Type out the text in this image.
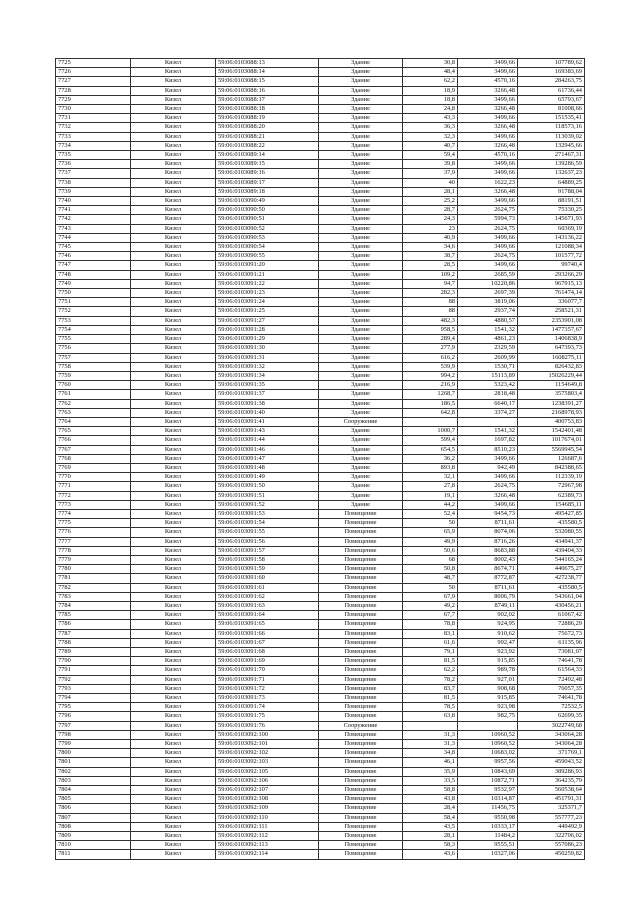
7725	Кизел	59:06:0103088:13	Здание	30,8	3499,66	107789,62
7726	Кизел	59:06:0103088:14	Здание	48,4	3499,66	169383,69
7727	Кизел	59:06:0103088:15	Здание	62,2	4570,16	284263,75
7728	Кизел	59:06:0103088:16	Здание	18,9	3266,48	61736,44
7729	Кизел	59:06:0103088:17	Здание	18,8	3499,66	65793,67
7730	Кизел	59:06:0103088:18	Здание	24,8	3266,48	81008,66
7731	Кизел	59:06:0103088:19	Здание	43,3	3499,66	151535,41
7732	Кизел	59:06:0103088:20	Здание	36,3	3266,48	118573,16
7733	Кизел	59:06:0103088:21	Здание	32,3	3499,66	113039,02
7734	Кизел	59:06:0103088:22	Здание	40,7	3266,48	132945,66
7735	Кизел	59:06:0103089:14	Здание	59,4	4570,16	271467,31
7736	Кизел	59:06:0103089:15	Здание	39,8	3499,66	139286,59
7737	Кизел	59:06:0103089:16	Здание	37,9	3499,66	132637,23
7738	Кизел	59:06:0103089:17	Здание	40	1622,23	64889,25
7739	Кизел	59:06:0103089:18	Здание	28,1	3266,48	91788,04
7740	Кизел	59:06:0103090:49	Здание	25,2	3499,66	88191,51
7741	Кизел	59:06:0103090:50	Здание	28,7	2624,75	75330,25
7742	Кизел	59:06:0103090:51	Здание	24,3	5994,73	145671,93
7743	Кизел	59:06:0103090:52	Здание	23	2624,75	60369,19
7744	Кизел	59:06:0103090:53	Здание	40,9	3499,66	143136,22
7745	Кизел	59:06:0103090:54	Здание	34,6	3499,66	121088,34
7746	Кизел	59:06:0103090:55	Здание	38,7	2624,75	101577,72
7747	Кизел	59:06:0103091:20	Здание	28,5	3499,66	99740,4
7748	Кизел	59:06:0103091:21	Здание	109,2	2685,59	293266,29
7749	Кизел	59:06:0103091:22	Здание	94,7	10220,86	967915,13
7750	Кизел	59:06:0103091:23	Здание	282,3	2697,39	761474,14
7751	Кизел	59:06:0103091:24	Здание	88	3819,06	336077,7
7752	Кизел	59:06:0103091:25	Здание	88	2937,74	258521,31
7753	Кизел	59:06:0103091:27	Здание	482,3	4880,57	2353901,08
7754	Кизел	59:06:0103091:28	Здание	958,5	1541,32	1477357,67
7755	Кизел	59:06:0103091:29	Здание	289,4	4861,23	1406838,9
7756	Кизел	59:06:0103091:30	Здание	277,9	2329,59	647393,73
7757	Кизел	59:06:0103091:31	Здание	616,2	2609,99	1608275,11
7758	Кизел	59:06:0103091:32	Здание	539,9	1530,71	826432,83
7759	Кизел	59:06:0103091:34	Здание	994,2	15113,89	15026229,44
7760	Кизел	59:06:0103091:35	Здание	216,9	5323,42	1154649,8
7761	Кизел	59:06:0103091:37	Здание	1268,7	2818,48	3575803,4
7762	Кизел	59:06:0103091:38	Здание	186,5	6640,17	1238391,27
7763	Кизел	59:06:0103091:40	Здание	642,8	3374,27	2168978,93
7764	Кизел	59:06:0103091:41	Сооружение			400753,83
7765	Кизел	59:06:0103091:43	Здание	1000,7	1541,32	1542401,48
7766	Кизел	59:06:0103091:44	Здание	599,4	1697,82	1017674,01
7767	Кизел	59:06:0103091:46	Здание	654,5	8510,23	5569945,54
7768	Кизел	59:06:0103091:47	Здание	36,2	3499,66	126687,6
7769	Кизел	59:06:0103091:48	Здание	893,8	942,49	842388,65
7770	Кизел	59:06:0103091:49	Здание	32,1	3499,66	112339,19
7771	Кизел	59:06:0103091:50	Здание	27,8	2624,75	72967,98
7772	Кизел	59:06:0103091:51	Здание	19,1	3266,48	62389,73
7773	Кизел	59:06:0103091:52	Здание	44,2	3499,66	154685,11
7774	Кизел	59:06:0103091:53	Помещение	52,4	9454,73	495427,85
7775	Кизел	59:06:0103091:54	Помещение	50	8711,61	435580,5
7776	Кизел	59:06:0103091:55	Помещение	65,9	8074,06	532080,55
7777	Кизел	59:06:0103091:56	Помещение	49,9	8716,26	434941,37
7778	Кизел	59:06:0103091:57	Помещение	50,6	8683,88	439404,33
7779	Кизел	59:06:0103091:58	Помещение	68	8002,43	544165,24
7780	Кизел	59:06:0103091:59	Помещение	50,8	8674,71	440675,27
7781	Кизел	59:06:0103091:60	Помещение	48,7	8772,87	427238,77
7782	Кизел	59:06:0103091:61	Помещение	50	8711,61	435580,5
7783	Кизел	59:06:0103091:62	Помещение	67,9	8006,79	543661,04
7784	Кизел	59:06:0103091:63	Помещение	49,2	8749,11	430456,21
7785	Кизел	59:06:0103091:64	Помещение	67,7	902,02	61067,42
7786	Кизел	59:06:0103091:65	Помещение	78,8	924,95	72886,29
7787	Кизел	59:06:0103091:66	Помещение	83,1	910,62	75672,73
7788	Кизел	59:06:0103091:67	Помещение	61,6	992,47	61135,96
7789	Кизел	59:06:0103091:68	Помещение	79,1	923,92	73081,07
7790	Кизел	59:06:0103091:69	Помещение	81,5	915,85	74641,78
7791	Кизел	59:06:0103091:70	Помещение	62,2	989,78	61564,33
7792	Кизел	59:06:0103091:71	Помещение	78,2	927,01	72492,48
7793	Кизел	59:06:0103091:72	Помещение	83,7	908,68	76057,35
7794	Кизел	59:06:0103091:73	Помещение	81,5	915,85	74641,78
7795	Кизел	59:06:0103091:74	Помещение	78,5	923,98	72532,5
7796	Кизел	59:06:0103091:75	Помещение	63,8	982,75	62699,35
7797	Кизел	59:06:0103091:76	Сооружение			3022749,68
7798	Кизел	59:06:0103092:100	Помещение	31,3	10960,52	343064,28
7799	Кизел	59:06:0103092:101	Помещение	31,3	10960,52	343064,28
7800	Кизел	59:06:0103092:102	Помещение	34,8	10683,02	371769,1
7801	Кизел	59:06:0103092:103	Помещение	46,1	9957,56	459043,52
7802	Кизел	59:06:0103092:105	Помещение	35,9	10843,69	389286,93
7803	Кизел	59:06:0103092:106	Помещение	33,5	10872,71	364235,79
7804	Кизел	59:06:0103092:107	Помещение	58,8	9532,97	560538,64
7805	Кизел	59:06:0103092:108	Помещение	43,8	10314,87	451791,31
7806	Кизел	59:06:0103092:109	Помещение	28,4	11456,75	325371,7
7807	Кизел	59:06:0103092:110	Помещение	58,4	9550,98	557777,23
7808	Кизел	59:06:0103092:111	Помещение	43,5	10333,17	449492,9
7809	Кизел	59:06:0103092:112	Помещение	28,1	11484,2	322706,02
7810	Кизел	59:06:0103092:113	Помещение	58,3	9555,51	557086,23
7811	Кизел	59:06:0103092:114	Помещение	43,6	10327,06	450259,82
